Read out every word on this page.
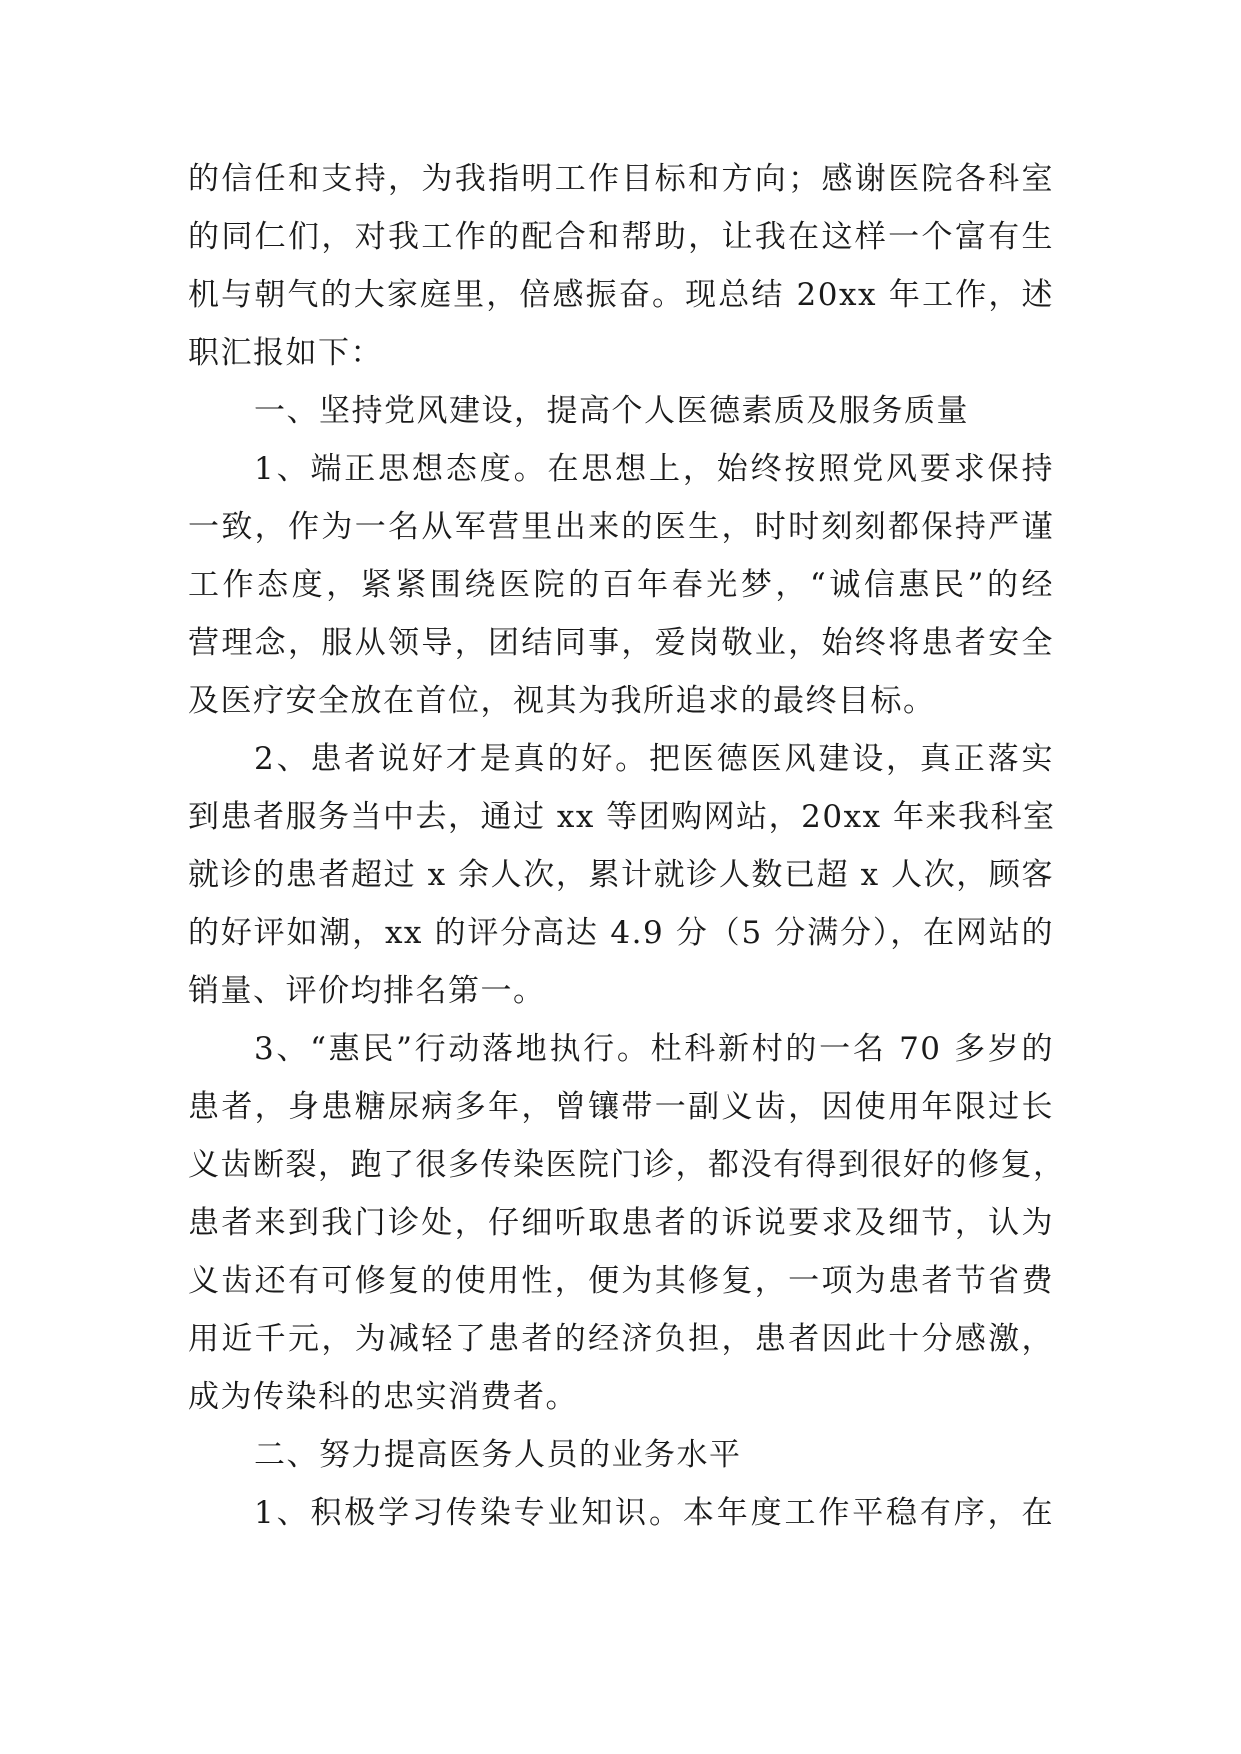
的信任和支持，为我指明工作目标和方向；感谢医院各科室
的同仁们，对我工作的配合和帮助，让我在这样一个富有生
机与朝气的大家庭里，倍感振奋。现总结 20xx 年工作，述
职汇报如下：
一、坚持党风建设，提高个人医德素质及服务质量
1、端正思想态度。在思想上，始终按照党风要求保持
一致，作为一名从军营里出来的医生，时时刻刻都保持严谨
工作态度，紧紧围绕医院的百年春光梦，“诚信惠民”的经
营理念，服从领导，团结同事，爱岗敬业，始终将患者安全
及医疗安全放在首位，视其为我所追求的最终目标。
2、患者说好才是真的好。把医德医风建设，真正落实
到患者服务当中去，通过 xx 等团购网站，20xx 年来我科室
就诊的患者超过 x 余人次，累计就诊人数已超 x 人次，顾客
的好评如潮，xx 的评分高达 4.9 分（5 分满分），在网站的
销量、评价均排名第一。
3、“惠民”行动落地执行。杜科新村的一名 70 多岁的
患者，身患糖尿病多年，曾镶带一副义齿，因使用年限过长
义齿断裂，跑了很多传染医院门诊，都没有得到很好的修复，
患者来到我门诊处，仔细听取患者的诉说要求及细节，认为
义齿还有可修复的使用性，便为其修复，一项为患者节省费
用近千元，为减轻了患者的经济负担，患者因此十分感激，
成为传染科的忠实消费者。
二、努力提高医务人员的业务水平
1、积极学习传染专业知识。本年度工作平稳有序，在
